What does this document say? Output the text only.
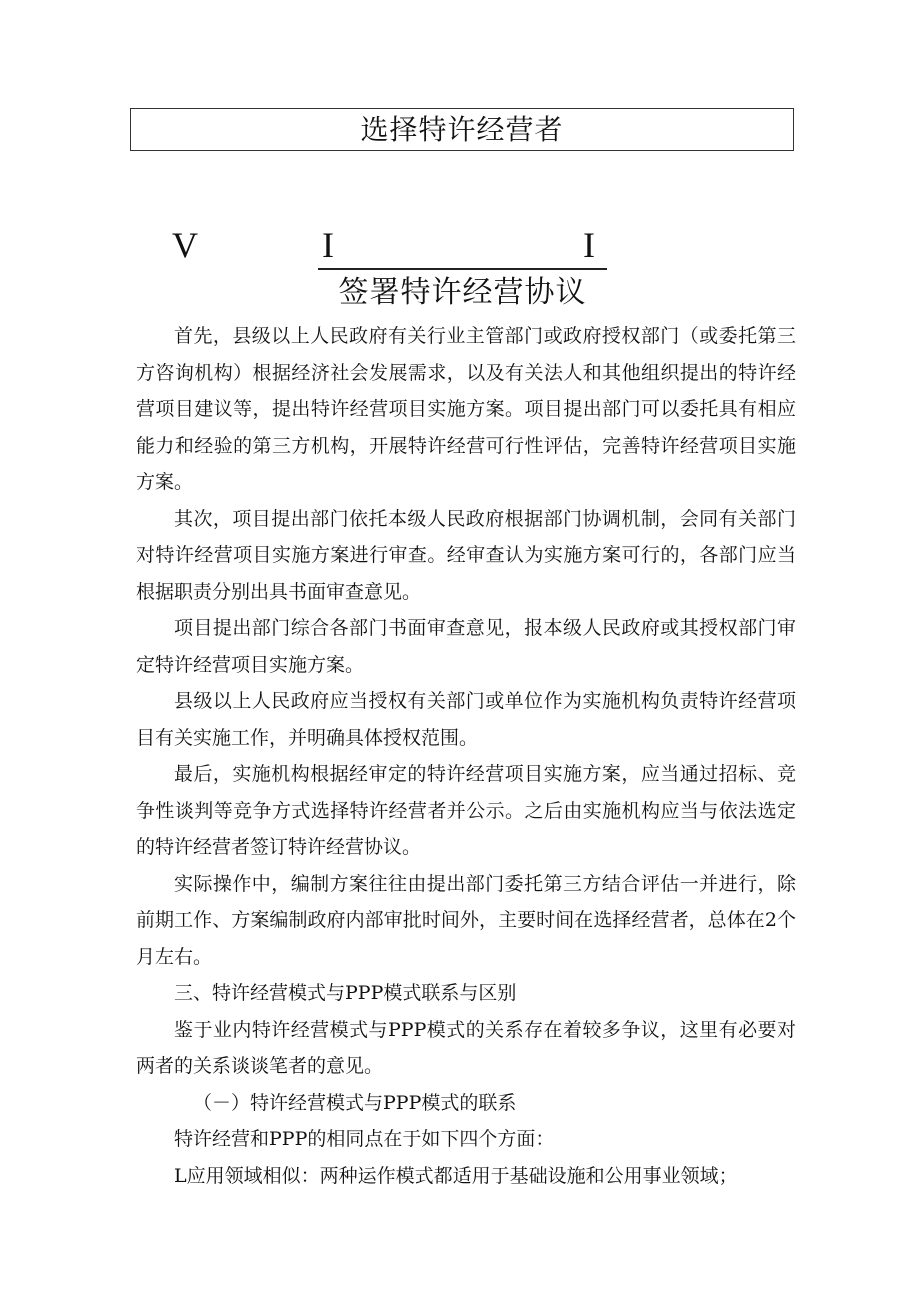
选择特许经营者
V	I	I
签署特许经营协议

首先，县级以上人民政府有关行业主管部门或政府授权部门（或委托第三方咨询机构）根据经济社会发展需求，以及有关法人和其他组织提出的特许经营项目建议等，提出特许经营项目实施方案。项目提出部门可以委托具有相应能力和经验的第三方机构，开展特许经营可行性评估，完善特许经营项目实施方案。

其次，项目提出部门依托本级人民政府根据部门协调机制，会同有关部门对特许经营项目实施方案进行审查。经审查认为实施方案可行的，各部门应当根据职责分别出具书面审查意见。

项目提出部门综合各部门书面审查意见，报本级人民政府或其授权部门审定特许经营项目实施方案。

县级以上人民政府应当授权有关部门或单位作为实施机构负责特许经营项目有关实施工作，并明确具体授权范围。

最后，实施机构根据经审定的特许经营项目实施方案，应当通过招标、竞争性谈判等竞争方式选择特许经营者并公示。之后由实施机构应当与依法选定的特许经营者签订特许经营协议。

实际操作中，编制方案往往由提出部门委托第三方结合评估一并进行，除前期工作、方案编制政府内部审批时间外，主要时间在选择经营者，总体在2个月左右。

三、特许经营模式与PPP模式联系与区别

鉴于业内特许经营模式与PPP模式的关系存在着较多争议，这里有必要对两者的关系谈谈笔者的意见。

（－）特许经营模式与PPP模式的联系

特许经营和PPP的相同点在于如下四个方面：

L应用领域相似：两种运作模式都适用于基础设施和公用事业领域；
